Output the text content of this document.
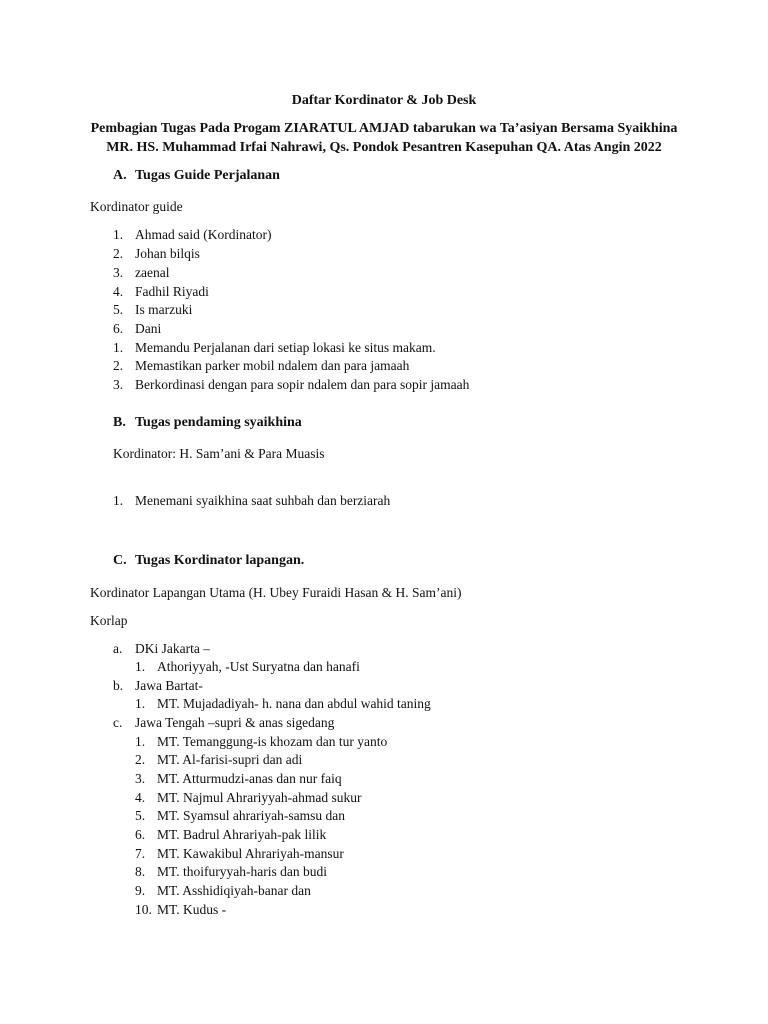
Daftar Kordinator & Job Desk
Pembagian Tugas Pada Progam ZIARATUL AMJAD tabarukan wa Ta’asiyan Bersama Syaikhina
MR. HS. Muhammad Irfai Nahrawi, Qs. Pondok Pesantren Kasepuhan QA. Atas Angin 2022
A. Tugas Guide Perjalanan
Kordinator guide
1. Ahmad said (Kordinator)
2. Johan bilqis
3. zaenal
4. Fadhil Riyadi
5. Is marzuki
6. Dani
1. Memandu Perjalanan dari setiap lokasi ke situs makam.
2. Memastikan parker mobil ndalem dan para jamaah
3. Berkordinasi dengan para sopir ndalem dan para sopir jamaah
B. Tugas pendaming syaikhina
Kordinator: H. Sam’ani & Para Muasis
1. Menemani syaikhina saat suhbah dan berziarah
C. Tugas Kordinator lapangan.
Kordinator Lapangan Utama (H. Ubey Furaidi Hasan & H. Sam’ani)
Korlap
a. DKi Jakarta –
1. Athoriyyah, -Ust Suryatna dan hanafi
b. Jawa Bartat-
1. MT. Mujadadiyah- h. nana dan abdul wahid taning
c. Jawa Tengah –supri & anas sigedang
1. MT. Temanggung-is khozam dan tur yanto
2. MT. Al-farisi-supri dan adi
3. MT. Atturmudzi-anas dan nur faiq
4. MT. Najmul Ahrariyyah-ahmad sukur
5. MT. Syamsul ahrariyah-samsu dan
6. MT. Badrul Ahrariyah-pak lilik
7. MT. Kawakibul Ahrariyah-mansur
8. MT. thoifuryyah-haris dan budi
9. MT. Asshidiqiyah-banar dan
10. MT. Kudus -
